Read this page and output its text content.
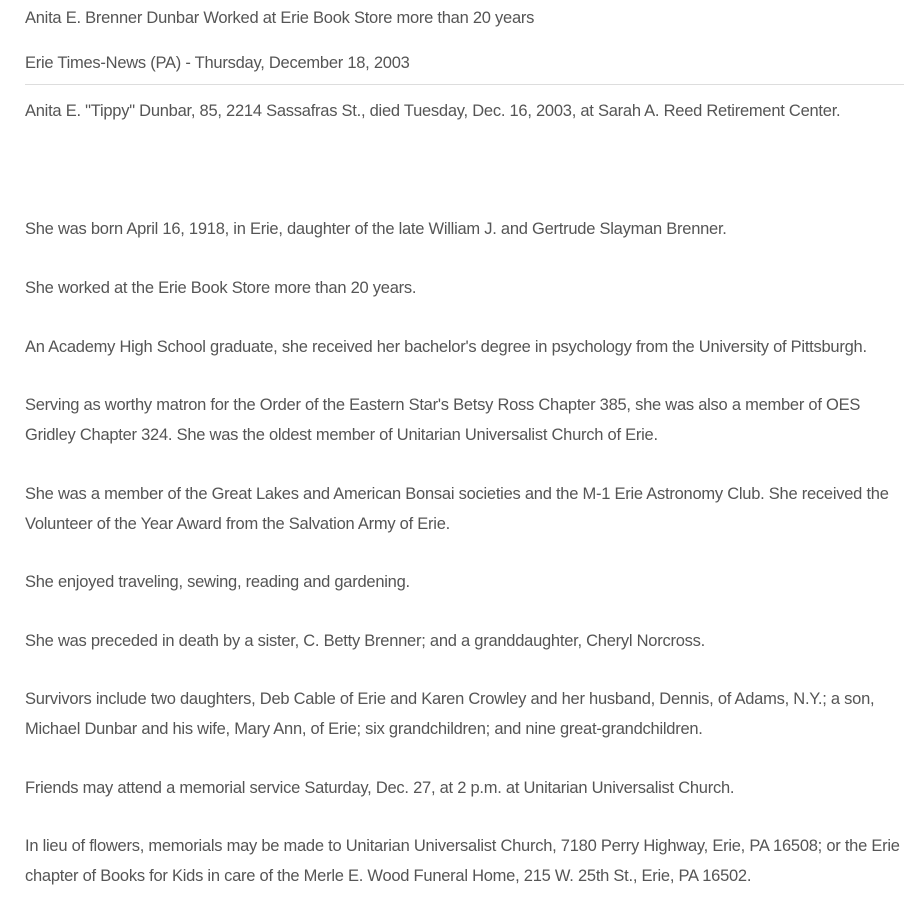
Anita E. Brenner Dunbar Worked at Erie Book Store more than 20 years
Erie Times-News (PA) - Thursday, December 18, 2003

Anita E. "Tippy" Dunbar, 85, 2214 Sassafras St., died Tuesday, Dec. 16, 2003, at Sarah A. Reed Retirement Center.

She was born April 16, 1918, in Erie, daughter of the late William J. and Gertrude Slayman Brenner.

She worked at the Erie Book Store more than 20 years.

An Academy High School graduate, she received her bachelor's degree in psychology from the University of Pittsburgh.

Serving as worthy matron for the Order of the Eastern Star's Betsy Ross Chapter 385, she was also a member of OES Gridley Chapter 324. She was the oldest member of Unitarian Universalist Church of Erie.

She was a member of the Great Lakes and American Bonsai societies and the M-1 Erie Astronomy Club. She received the Volunteer of the Year Award from the Salvation Army of Erie.

She enjoyed traveling, sewing, reading and gardening.

She was preceded in death by a sister, C. Betty Brenner; and a granddaughter, Cheryl Norcross.

Survivors include two daughters, Deb Cable of Erie and Karen Crowley and her husband, Dennis, of Adams, N.Y.; a son, Michael Dunbar and his wife, Mary Ann, of Erie; six grandchildren; and nine great-grandchildren.

Friends may attend a memorial service Saturday, Dec. 27, at 2 p.m. at Unitarian Universalist Church.

In lieu of flowers, memorials may be made to Unitarian Universalist Church, 7180 Perry Highway, Erie, PA 16508; or the Erie chapter of Books for Kids in care of the Merle E. Wood Funeral Home, 215 W. 25th St., Erie, PA 16502.
